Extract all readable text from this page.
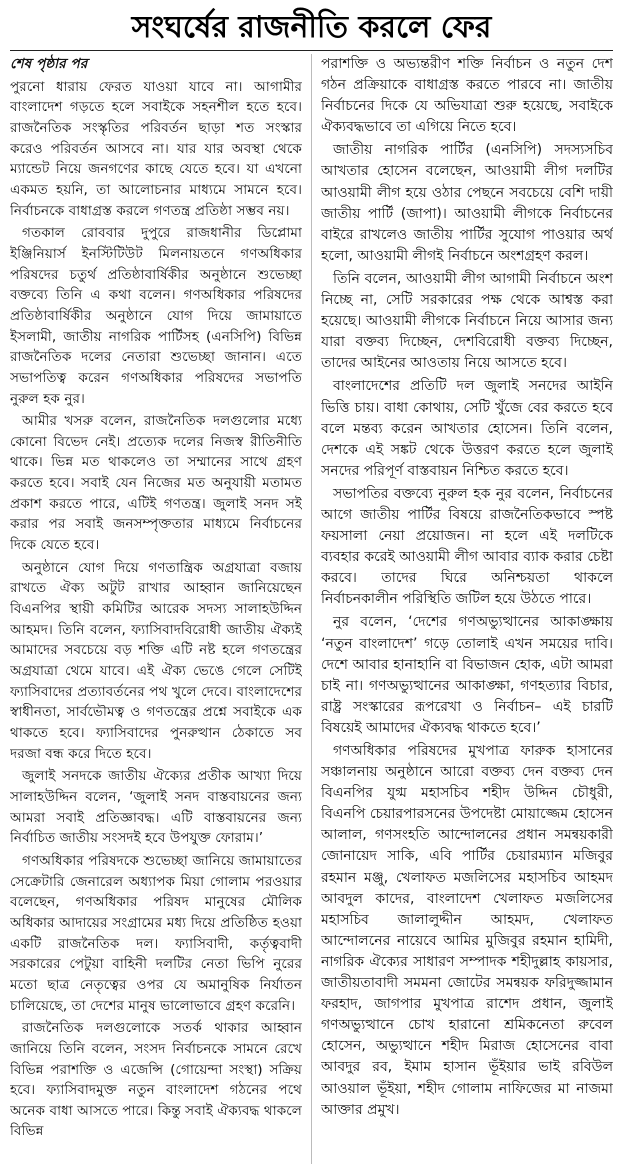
সংঘর্ষের রাজনীতি করলে ফের

শেষ পৃষ্ঠার পর

পুরনো ধারায় ফেরত যাওয়া যাবে না। আগামীর বাংলাদেশ গড়তে হলে সবাইকে সহনশীল হতে হবে। রাজনৈতিক সংস্কৃতির পরিবর্তন ছাড়া শত সংস্কার করেও পরিবর্তন আসবে না। যার যার অবস্থা থেকে ম্যান্ডেট নিয়ে জনগণের কাছে যেতে হবে। যা এখনো একমত হয়নি, তা আলোচনার মাধ্যমে সামনে হবে। নির্বাচনকে বাধাগ্রস্ত করলে গণতন্ত্র প্রতিষ্ঠা সম্ভব নয়।

গতকাল রোববার দুপুরে রাজধানীর ডিপ্লোমা ইঞ্জিনিয়ার্স ইনস্টিটিউট মিলনায়তনে গণঅধিকার পরিষদের চতুর্থ প্রতিষ্ঠাবার্ষিকীর অনুষ্ঠানে শুভেচ্ছা বক্তব্যে তিনি এ কথা বলেন। গণঅধিকার পরিষদের প্রতিষ্ঠাবার্ষিকীর অনুষ্ঠানে যোগ দিয়ে জামায়াতে ইসলামী, জাতীয় নাগরিক পার্টিসহ (এনসিপি) বিভিন্ন রাজনৈতিক দলের নেতারা শুভেচ্ছা জানান। এতে সভাপতিত্ব করেন গণঅধিকার পরিষদের সভাপতি নুরুল হক নুর।

আমীর খসরু বলেন, রাজনৈতিক দলগুলোর মধ্যে কোনো বিভেদ নেই। প্রত্যেক দলের নিজস্ব রীতিনীতি থাকে। ভিন্ন মত থাকলেও তা সম্মানের সাথে গ্রহণ করতে হবে। সবাই যেন নিজের মত অনুযায়ী মতামত প্রকাশ করতে পারে, এটিই গণতন্ত্র। জুলাই সনদ সই করার পর সবাই জনসম্পৃক্ততার মাধ্যমে নির্বাচনের দিকে যেতে হবে।

অনুষ্ঠানে যোগ দিয়ে গণতান্ত্রিক অগ্রযাত্রা বজায় রাখতে ঐক্য অটুট রাখার আহ্বান জানিয়েছেন বিএনপির স্থায়ী কমিটির আরেক সদস্য সালাহউদ্দিন আহমদ। তিনি বলেন, ফ্যাসিবাদবিরোধী জাতীয় ঐক্যই আমাদের সবচেয়ে বড় শক্তি এটি নষ্ট হলে গণতন্ত্রের অগ্রযাত্রা থেমে যাবে। এই ঐক্য ভেঙে গেলে সেটিই ফ্যাসিবাদের প্রত্যাবর্তনের পথ খুলে দেবে। বাংলাদেশের স্বাধীনতা, সার্বভৌমত্ব ও গণতন্ত্রের প্রশ্নে সবাইকে এক থাকতে হবে। ফ্যাসিবাদের পুনরুত্থান ঠেকাতে সব দরজা বন্ধ করে দিতে হবে।

জুলাই সনদকে জাতীয় ঐক্যের প্রতীক আখ্যা দিয়ে সালাহউদ্দিন বলেন, ‘জুলাই সনদ বাস্তবায়নের জন্য আমরা সবাই প্রতিজ্ঞাবদ্ধ। এটি বাস্তবায়নের জন্য নির্বাচিত জাতীয় সংসদই হবে উপযুক্ত ফোরাম।’

গণঅধিকার পরিষদকে শুভেচ্ছা জানিয়ে জামায়াতের সেক্রেটারি জেনারেল অধ্যাপক মিয়া গোলাম পরওয়ার বলেছেন, গণঅধিকার পরিষদ মানুষের মৌলিক অধিকার আদায়ের সংগ্রামের মধ্য দিয়ে প্রতিষ্ঠিত হওয়া একটি রাজনৈতিক দল। ফ্যাসিবাদী, কর্তৃত্ববাদী সরকারের পেটুয়া বাহিনী দলটির নেতা ভিপি নুরের মতো ছাত্র নেতৃত্বের ওপর যে অমানুষিক নির্যাতন চালিয়েছে, তা দেশের মানুষ ভালোভাবে গ্রহণ করেনি।

রাজনৈতিক দলগুলোকে সতর্ক থাকার আহ্বান জানিয়ে তিনি বলেন, সংসদ নির্বাচনকে সামনে রেখে বিভিন্ন পরাশক্তি ও এজেন্সি (গোয়েন্দা সংস্থা) সক্রিয় হবে। ফ্যাসিবাদমুক্ত নতুন বাংলাদেশ গঠনের পথে অনেক বাধা আসতে পারে। কিন্তু সবাই ঐক্যবদ্ধ থাকলে বিভিন্ন

পরাশক্তি ও অভ্যন্তরীণ শক্তি নির্বাচন ও নতুন দেশ গঠন প্রক্রিয়াকে বাধাগ্রস্ত করতে পারবে না। জাতীয় নির্বাচনের দিকে যে অভিযাত্রা শুরু হয়েছে, সবাইকে ঐক্যবদ্ধভাবে তা এগিয়ে নিতে হবে।

জাতীয় নাগরিক পার্টির (এনসিপি) সদস্যসচিব আখতার হোসেন বলেছেন, আওয়ামী লীগ দলটির আওয়ামী লীগ হয়ে ওঠার পেছনে সবচেয়ে বেশি দায়ী জাতীয় পার্টি (জাপা)। আওয়ামী লীগকে নির্বাচনের বাইরে রাখলেও জাতীয় পার্টির সুযোগ পাওয়ার অর্থ হলো, আওয়ামী লীগই নির্বাচনে অংশগ্রহণ করল।

তিনি বলেন, আওয়ামী লীগ আগামী নির্বাচনে অংশ নিচ্ছে না, সেটি সরকারের পক্ষ থেকে আশ্বস্ত করা হয়েছে। আওয়ামী লীগকে নির্বাচনে নিয়ে আসার জন্য যারা বক্তব্য দিচ্ছেন, দেশবিরোধী বক্তব্য দিচ্ছেন, তাদের আইনের আওতায় নিয়ে আসতে হবে।

বাংলাদেশের প্রতিটি দল জুলাই সনদের আইনি ভিত্তি চায়। বাধা কোথায়, সেটি খুঁজে বের করতে হবে বলে মন্তব্য করেন আখতার হোসেন। তিনি বলেন, দেশকে এই সঙ্কট থেকে উত্তরণ করতে হলে জুলাই সনদের পরিপূর্ণ বাস্তবায়ন নিশ্চিত করতে হবে।

সভাপতির বক্তব্যে নুরুল হক নুর বলেন, নির্বাচনের আগে জাতীয় পার্টির বিষয়ে রাজনৈতিকভাবে স্পষ্ট ফয়সালা নেয়া প্রয়োজন। না হলে এই দলটিকে ব্যবহার করেই আওয়ামী লীগ আবার ব্যাক করার চেষ্টা করবে। তাদের ঘিরে অনিশ্চয়তা থাকলে নির্বাচনকালীন পরিস্থিতি জটিল হয়ে উঠতে পারে।

নুর বলেন, ‘দেশের গণঅভ্যুত্থানের আকাঙ্ক্ষায় ‘নতুন বাংলাদেশ’ গড়ে তোলাই এখন সময়ের দাবি। দেশে আবার হানাহানি বা বিভাজন হোক, এটা আমরা চাই না। গণঅভ্যুত্থানের আকাঙ্ক্ষা, গণহত্যার বিচার, রাষ্ট্র সংস্কারের রূপরেখা ও নির্বাচন– এই চারটি বিষয়েই আমাদের ঐক্যবদ্ধ থাকতে হবে।’

গণঅধিকার পরিষদের মুখপাত্র ফারুক হাসানের সঞ্চালনায় অনুষ্ঠানে আরো বক্তব্য দেন বক্তব্য দেন বিএনপির যুগ্ম মহাসচিব শহীদ উদ্দিন চৌধুরী, বিএনপি চেয়ারপারসনের উপদেষ্টা মোয়াজ্জেম হোসেন আলাল, গণসংহতি আন্দোলনের প্রধান সমন্বয়কারী জোনায়েদ সাকি, এবি পার্টির চেয়ারম্যান মজিবুর রহমান মঞ্জু, খেলাফত মজলিসের মহাসচিব আহমদ আবদুল কাদের, বাংলাদেশ খেলাফত মজলিসের মহাসচিব জালালুদ্দীন আহমদ, খেলাফত আন্দোলনের নায়েবে আমির মুজিবুর রহমান হামিদী, নাগরিক ঐক্যের সাধারণ সম্পাদক শহীদুল্লাহ কায়সার, জাতীয়তাবাদী সমমনা জোটের সমন্বয়ক ফরিদুজ্জামান ফরহাদ, জাগপার মুখপাত্র রাশেদ প্রধান, জুলাই গণঅভ্যুত্থানে চোখ হারানো শ্রমিকনেতা রুবেল হোসেন, অভ্যুত্থানে শহীদ মিরাজ হোসেনের বাবা আবদুর রব, ইমাম হাসান ভূঁইয়ার ভাই রবিউল আওয়াল ভূঁইয়া, শহীদ গোলাম নাফিজের মা নাজমা আক্তার প্রমুখ।
